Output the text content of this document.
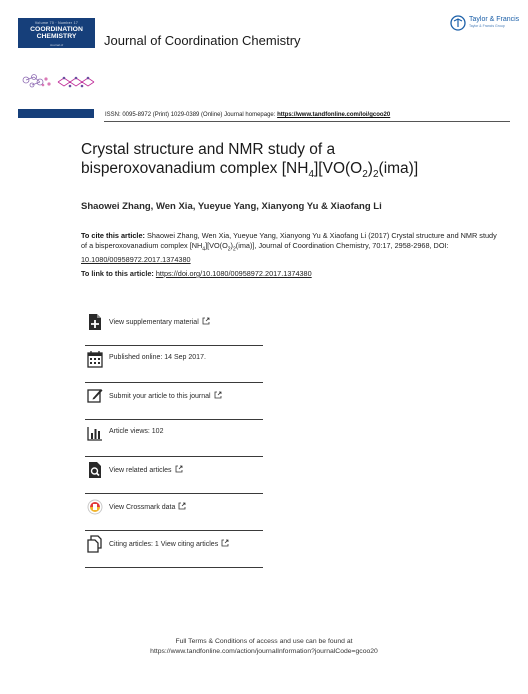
Volume 70 · Number 17
COORDINATION
CHEMISTRY
Journal of	Journal of Coordination Chemistry
Taylor & Francis
Taylor & Francis Group
ISSN: 0095-8972 (Print) 1029-0389 (Online) Journal homepage: https://www.tandfonline.com/loi/gcoo20
Crystal structure and NMR study of a
bisperoxovanadium complex $[NH_4][VO(O_2)_2(ima)]$
Shaowei Zhang, Wen Xia, Yueyue Yang, Xianyong Yu & Xiaofang Li
To cite this article: Shaowei Zhang, Wen Xia, Yueyue Yang, Xianyong Yu & Xiaofang Li (2017) Crystal structure and NMR study of a bisperoxovanadium complex $[NH_4][VO(O_2)_2(ima)]$, Journal of Coordination Chemistry, 70:17, 2958-2968, DOI: 10.1080/00958972.2017.1374380
To link to this article: https://doi.org/10.1080/00958972.2017.1374380
View supplementary material
Published online: 14 Sep 2017.
Submit your article to this journal
Article views: 102
View related articles
View Crossmark data
Citing articles: 1 View citing articles
Full Terms & Conditions of access and use can be found at
https://www.tandfonline.com/action/journalInformation?journalCode=gcoo20
